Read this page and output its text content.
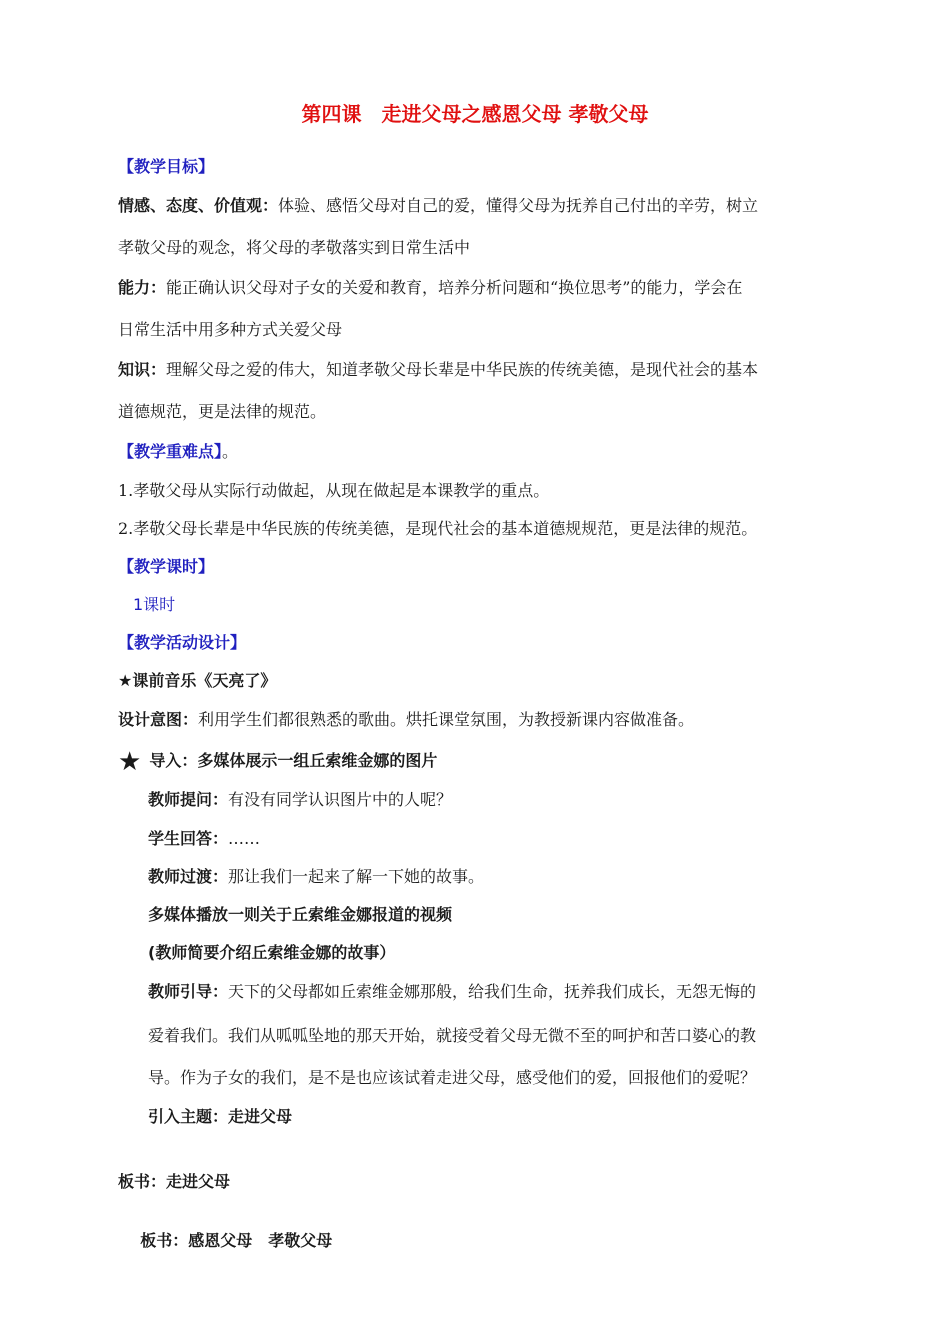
第四课　走进父母之感恩父母 孝敬父母
【教学目标】
情感、态度、价值观：体验、感悟父母对自己的爱，懂得父母为抚养自己付出的辛劳，树立
孝敬父母的观念，将父母的孝敬落实到日常生活中
能力：能正确认识父母对子女的关爱和教育，培养分析问题和“换位思考”的能力，学会在
日常生活中用多种方式关爱父母
知识：理解父母之爱的伟大，知道孝敬父母长辈是中华民族的传统美德，是现代社会的基本
道德规范，更是法律的规范。
【教学重难点】。
1.孝敬父母从实际行动做起，从现在做起是本课教学的重点。
2.孝敬父母长辈是中华民族的传统美德，是现代社会的基本道德规规范，更是法律的规范。
【教学课时】
1课时
【教学活动设计】
★课前音乐《天亮了》
设计意图：利用学生们都很熟悉的歌曲。烘托课堂氛围，为教授新课内容做准备。
★ 导入：多媒体展示一组丘索维金娜的图片
教师提问：有没有同学认识图片中的人呢？
学生回答：……
教师过渡：那让我们一起来了解一下她的故事。
多媒体播放一则关于丘索维金娜报道的视频
(教师简要介绍丘索维金娜的故事）
教师引导：天下的父母都如丘索维金娜那般，给我们生命，抚养我们成长，无怨无悔的
爱着我们。我们从呱呱坠地的那天开始，就接受着父母无微不至的呵护和苦口婆心的教
导。作为子女的我们，是不是也应该试着走进父母，感受他们的爱，回报他们的爱呢？
引入主题：走进父母
板书：走进父母

板书：感恩父母　孝敬父母
